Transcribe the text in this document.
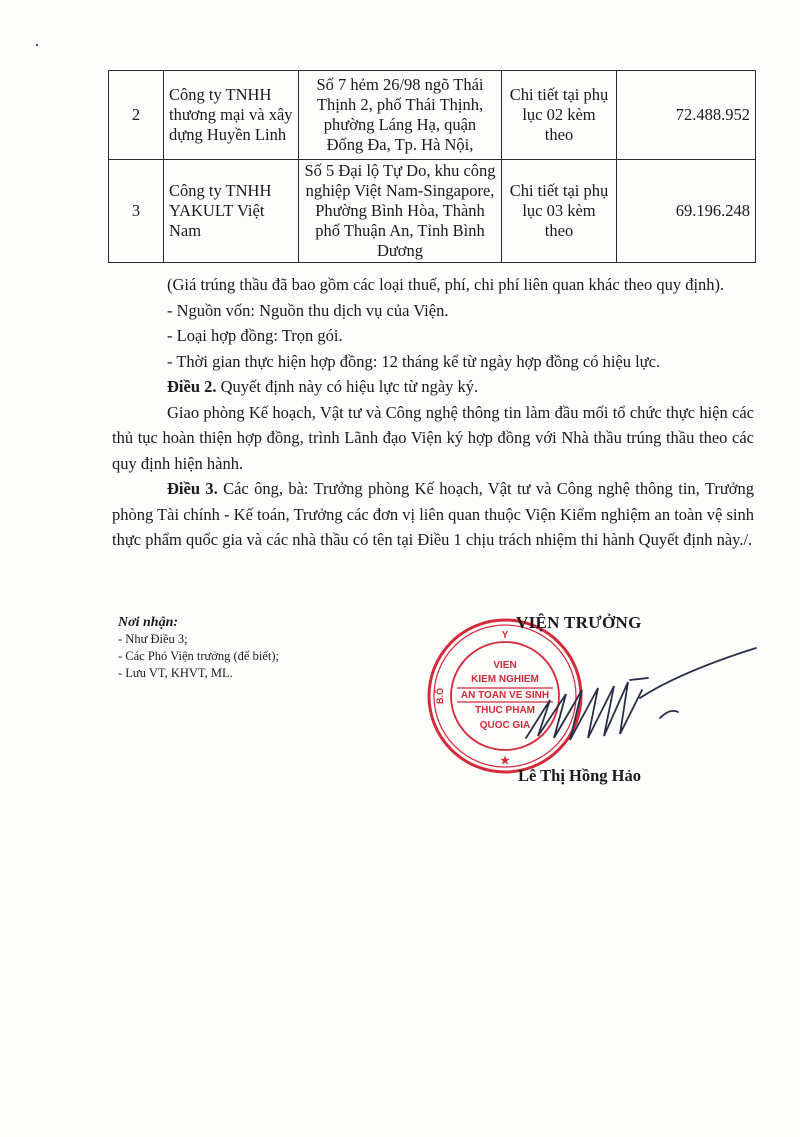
2	Công ty TNHH thương mại và xây dựng Huyền Linh	Số 7 hẻm 26/98 ngõ Thái Thịnh 2, phố Thái Thịnh, phường Láng Hạ, quận Đống Đa, Tp. Hà Nội,	Chi tiết tại phụ lục 02 kèm theo	72.488.952
3	Công ty TNHH YAKULT Việt Nam	Số 5 Đại lộ Tự Do, khu công nghiệp Việt Nam-Singapore, Phường Bình Hòa, Thành phố Thuận An, Tỉnh Bình Dương	Chi tiết tại phụ lục 03 kèm theo	69.196.248

(Giá trúng thầu đã bao gồm các loại thuế, phí, chi phí liên quan khác theo quy định).

- Nguồn vốn: Nguồn thu dịch vụ của Viện.

- Loại hợp đồng: Trọn gói.

- Thời gian thực hiện hợp đồng: 12 tháng kể từ ngày hợp đồng có hiệu lực.

Điều 2. Quyết định này có hiệu lực từ ngày ký.

Giao phòng Kế hoạch, Vật tư và Công nghệ thông tin làm đầu mối tổ chức thực hiện các thủ tục hoàn thiện hợp đồng, trình Lãnh đạo Viện ký hợp đồng với Nhà thầu trúng thầu theo các quy định hiện hành.

Điều 3. Các ông, bà: Trưởng phòng Kế hoạch, Vật tư và Công nghệ thông tin, Trưởng phòng Tài chính - Kế toán, Trưởng các đơn vị liên quan thuộc Viện Kiểm nghiệm an toàn vệ sinh thực phẩm quốc gia và các nhà thầu có tên tại Điều 1 chịu trách nhiệm thi hành Quyết định này./.

Nơi nhận:
- Như Điều 3;
- Các Phó Viện trưởng (để biết);
- Lưu VT, KHVT, ML.
Y
B.Ô
VIEN
KIEM NGHIEM
AN TOAN VE SINH
THUC PHAM
QUOC GIA
★
VIỆN TRƯỞNG
Lê Thị Hồng Hảo
